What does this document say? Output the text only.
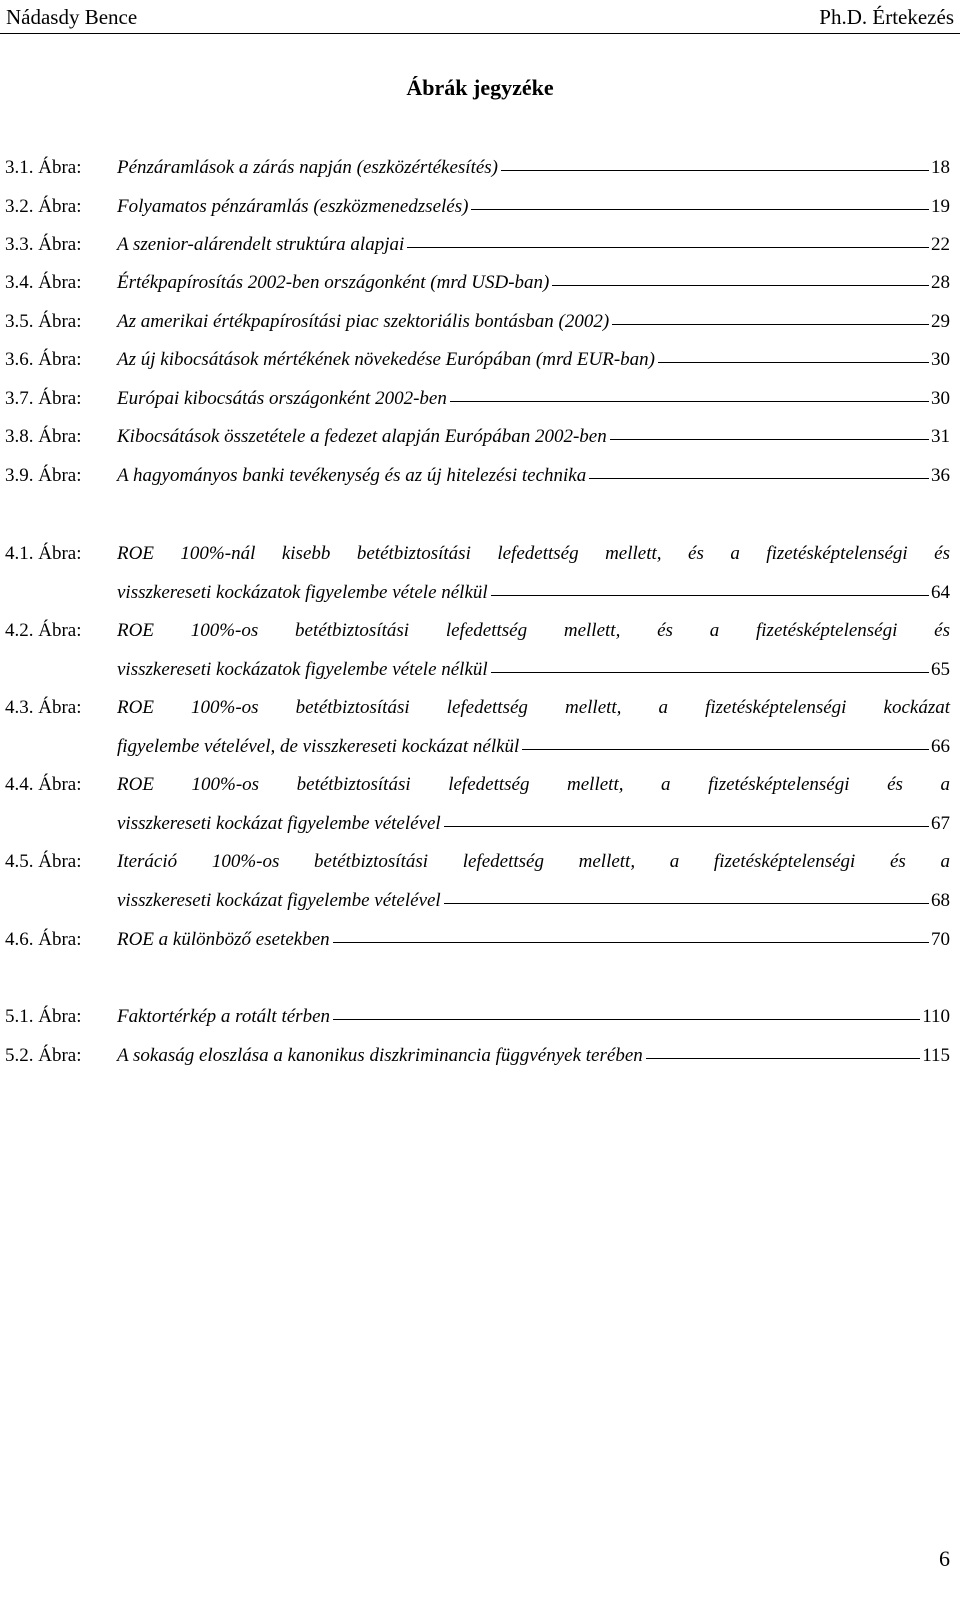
Nádasdy Bence	Ph.D. Értekezés
Ábrák jegyzéke
3.1. Ábra: Pénzáramlások a zárás napján (eszközértékesítés)	18
3.2. Ábra: Folyamatos pénzáramlás (eszközmenedzselés)	19
3.3. Ábra: A szenior-alárendelt struktúra alapjai	22
3.4. Ábra: Értékpapírosítás 2002-ben országonként (mrd USD-ban)	28
3.5. Ábra: Az amerikai értékpapírosítási piac szektoriális bontásban (2002)	29
3.6. Ábra: Az új kibocsátások mértékének növekedése Európában (mrd EUR-ban)	30
3.7. Ábra: Európai kibocsátás országonként 2002-ben	30
3.8. Ábra: Kibocsátások összetétele a fedezet alapján Európában 2002-ben	31
3.9. Ábra: A hagyományos banki tevékenység és az új hitelezési technika	36
4.1. Ábra: ROE 100%-nál kisebb betétbiztosítási lefedettség mellett, és a fizetésképtelenségi és
visszkereseti kockázatok figyelembe vétele nélkül	64
4.2. Ábra: ROE 100%-os betétbiztosítási lefedettség mellett, és a fizetésképtelenségi és
visszkereseti kockázatok figyelembe vétele nélkül	65
4.3. Ábra: ROE 100%-os betétbiztosítási lefedettség mellett, a fizetésképtelenségi kockázat
figyelembe vételével, de visszkereseti kockázat nélkül	66
4.4. Ábra: ROE 100%-os betétbiztosítási lefedettség mellett, a fizetésképtelenségi és a
visszkereseti kockázat figyelembe vételével	67
4.5. Ábra: Iteráció 100%-os betétbiztosítási lefedettség mellett, a fizetésképtelenségi és a
visszkereseti kockázat figyelembe vételével	68
4.6. Ábra: ROE a különböző esetekben	70
5.1. Ábra: Faktortérkép a rotált térben	110
5.2. Ábra: A sokaság eloszlása a kanonikus diszkriminancia függvények terében	115
6
